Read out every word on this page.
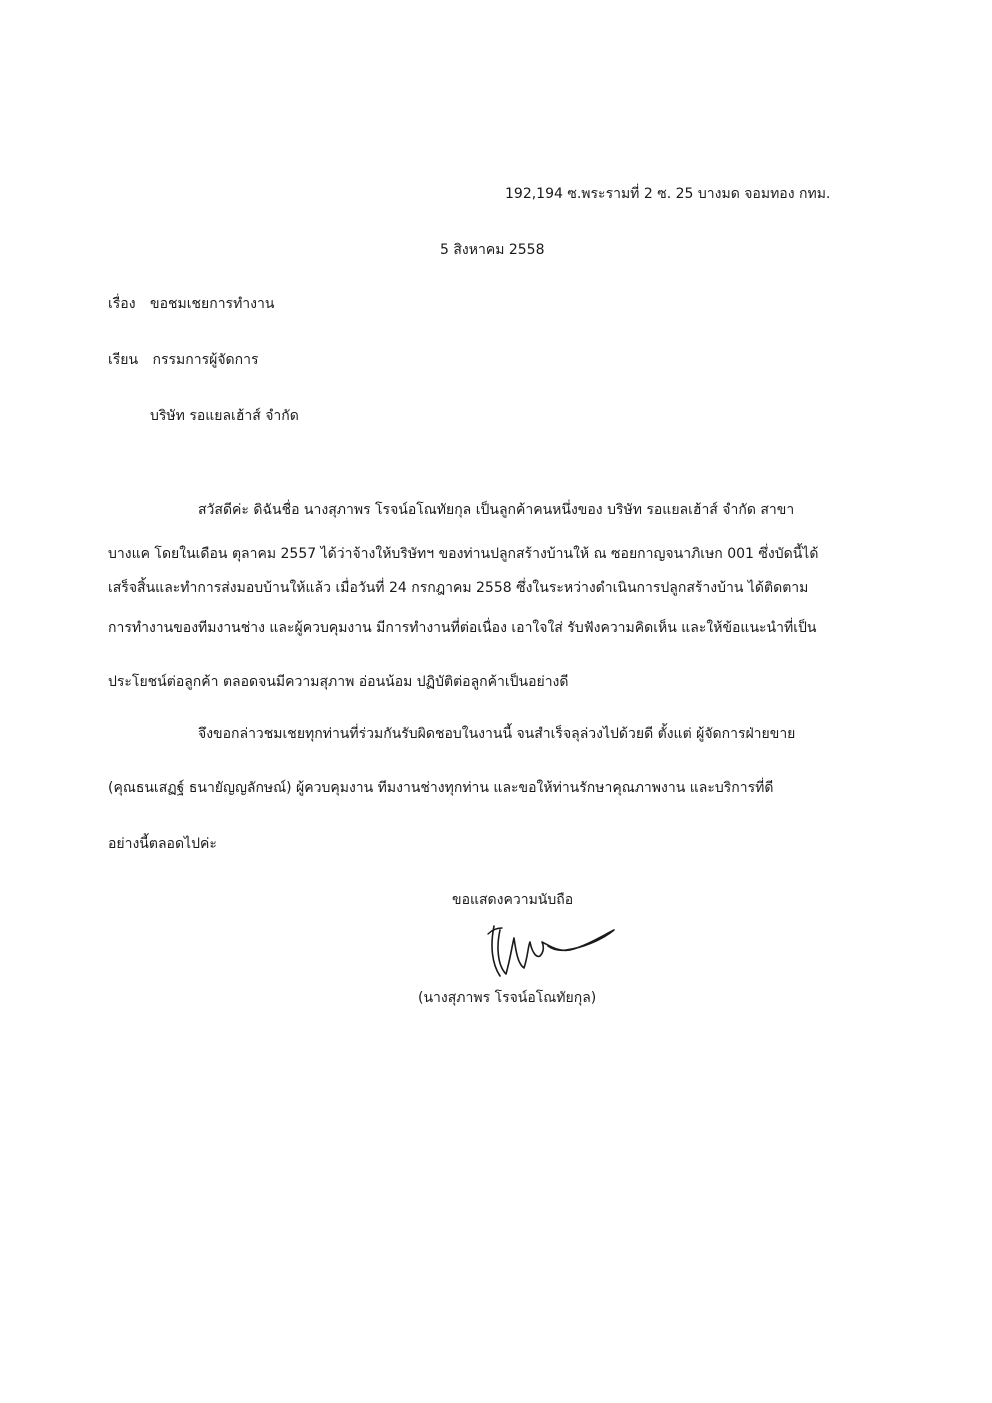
192,194 ซ.พระรามที่ 2 ซ. 25 บางมด จอมทอง กทม.
5 สิงหาคม 2558
เรื่อง ขอชมเชยการทำงาน
เรียน กรรมการผู้จัดการ
บริษัท รอแยลเฮ้าส์ จำกัด
สวัสดีค่ะ ดิฉันชื่อ นางสุภาพร โรจน์อโณทัยกุล เป็นลูกค้าคนหนึ่งของ บริษัท รอแยลเฮ้าส์ จำกัด สาขา
บางแค โดยในเดือน ตุลาคม 2557 ได้ว่าจ้างให้บริษัทฯ ของท่านปลูกสร้างบ้านให้ ณ ซอยกาญจนาภิเษก 001 ซึ่งบัดนี้ได้
เสร็จสิ้นและทำการส่งมอบบ้านให้แล้ว เมื่อวันที่ 24 กรกฎาคม 2558 ซึ่งในระหว่างดำเนินการปลูกสร้างบ้าน ได้ติดตาม
การทำงานของทีมงานช่าง และผู้ควบคุมงาน มีการทำงานที่ต่อเนื่อง เอาใจใส่ รับฟังความคิดเห็น และให้ข้อแนะนำที่เป็น
ประโยชน์ต่อลูกค้า ตลอดจนมีความสุภาพ อ่อนน้อม ปฏิบัติต่อลูกค้าเป็นอย่างดี
จึงขอกล่าวชมเชยทุกท่านที่ร่วมกันรับผิดชอบในงานนี้ จนสำเร็จลุล่วงไปด้วยดี ตั้งแต่ ผู้จัดการฝ่ายขาย
(คุณธนเสฏฐ์ ธนายัญญลักษณ์) ผู้ควบคุมงาน ทีมงานช่างทุกท่าน และขอให้ท่านรักษาคุณภาพงาน และบริการที่ดี
อย่างนี้ตลอดไปค่ะ
ขอแสดงความนับถือ
(นางสุภาพร โรจน์อโณทัยกุล)
